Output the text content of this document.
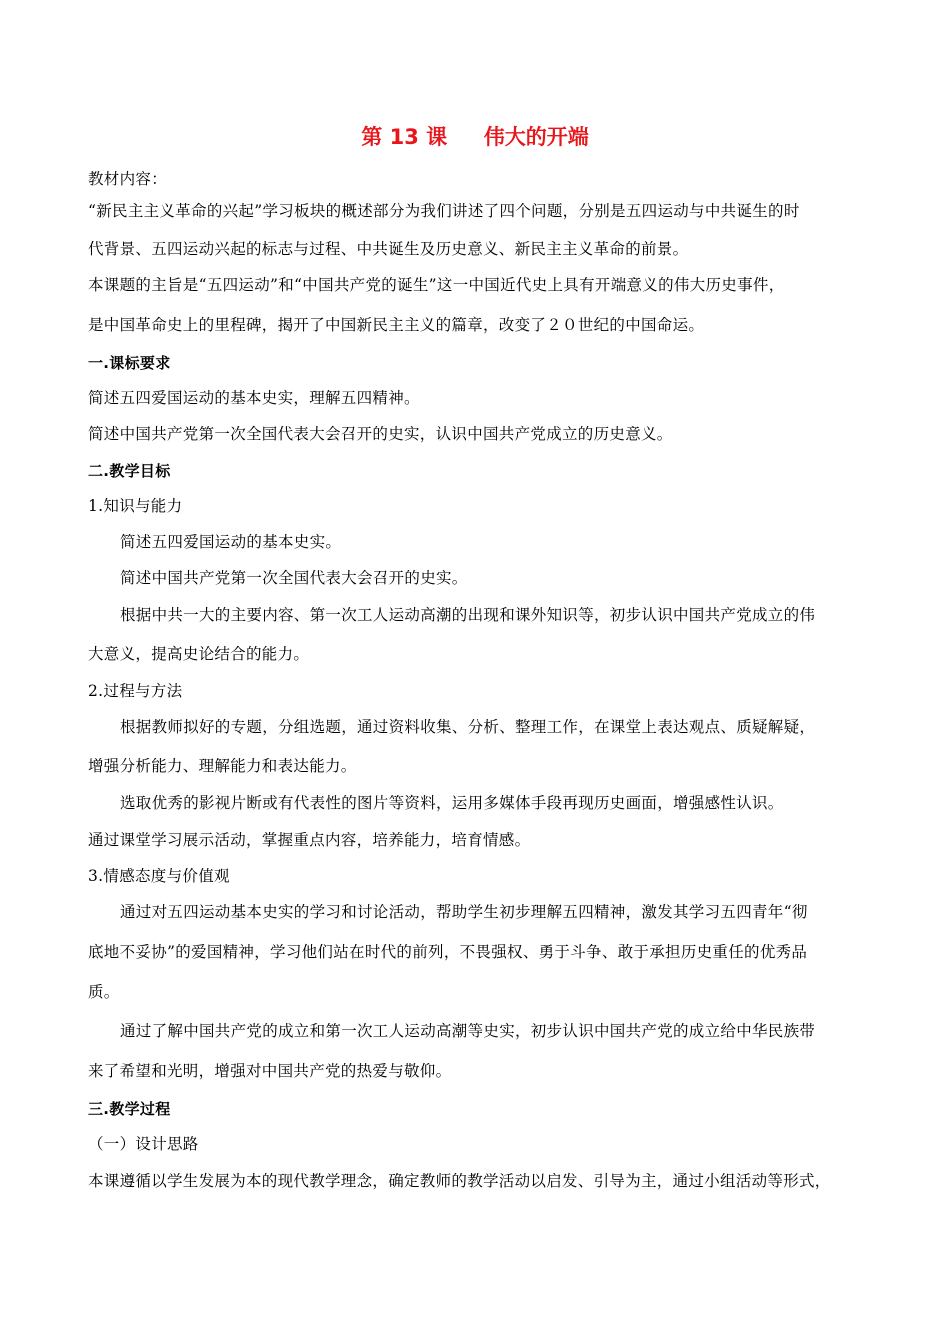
第 13 课     伟大的开端
教材内容：
“新民主主义革命的兴起”学习板块的概述部分为我们讲述了四个问题，分别是五四运动与中共诞生的时
代背景、五四运动兴起的标志与过程、中共诞生及历史意义、新民主主义革命的前景。
本课题的主旨是“五四运动”和“中国共产党的诞生”这一中国近代史上具有开端意义的伟大历史事件，
是中国革命史上的里程碑，揭开了中国新民主主义的篇章，改变了２０世纪的中国命运。
一.课标要求
简述五四爱国运动的基本史实，理解五四精神。
简述中国共产党第一次全国代表大会召开的史实，认识中国共产党成立的历史意义。
二.教学目标
1.知识与能力
简述五四爱国运动的基本史实。
简述中国共产党第一次全国代表大会召开的史实。
根据中共一大的主要内容、第一次工人运动高潮的出现和课外知识等，初步认识中国共产党成立的伟
大意义，提高史论结合的能力。
2.过程与方法
根据教师拟好的专题，分组选题，通过资料收集、分析、整理工作，在课堂上表达观点、质疑解疑，
增强分析能力、理解能力和表达能力。
选取优秀的影视片断或有代表性的图片等资料，运用多媒体手段再现历史画面，增强感性认识。
通过课堂学习展示活动，掌握重点内容，培养能力，培育情感。
3.情感态度与价值观
通过对五四运动基本史实的学习和讨论活动，帮助学生初步理解五四精神，激发其学习五四青年“彻
底地不妥协”的爱国精神，学习他们站在时代的前列，不畏强权、勇于斗争、敢于承担历史重任的优秀品
质。
通过了解中国共产党的成立和第一次工人运动高潮等史实，初步认识中国共产党的成立给中华民族带
来了希望和光明，增强对中国共产党的热爱与敬仰。
三.教学过程
（一）设计思路
本课遵循以学生发展为本的现代教学理念，确定教师的教学活动以启发、引导为主，通过小组活动等形式，
